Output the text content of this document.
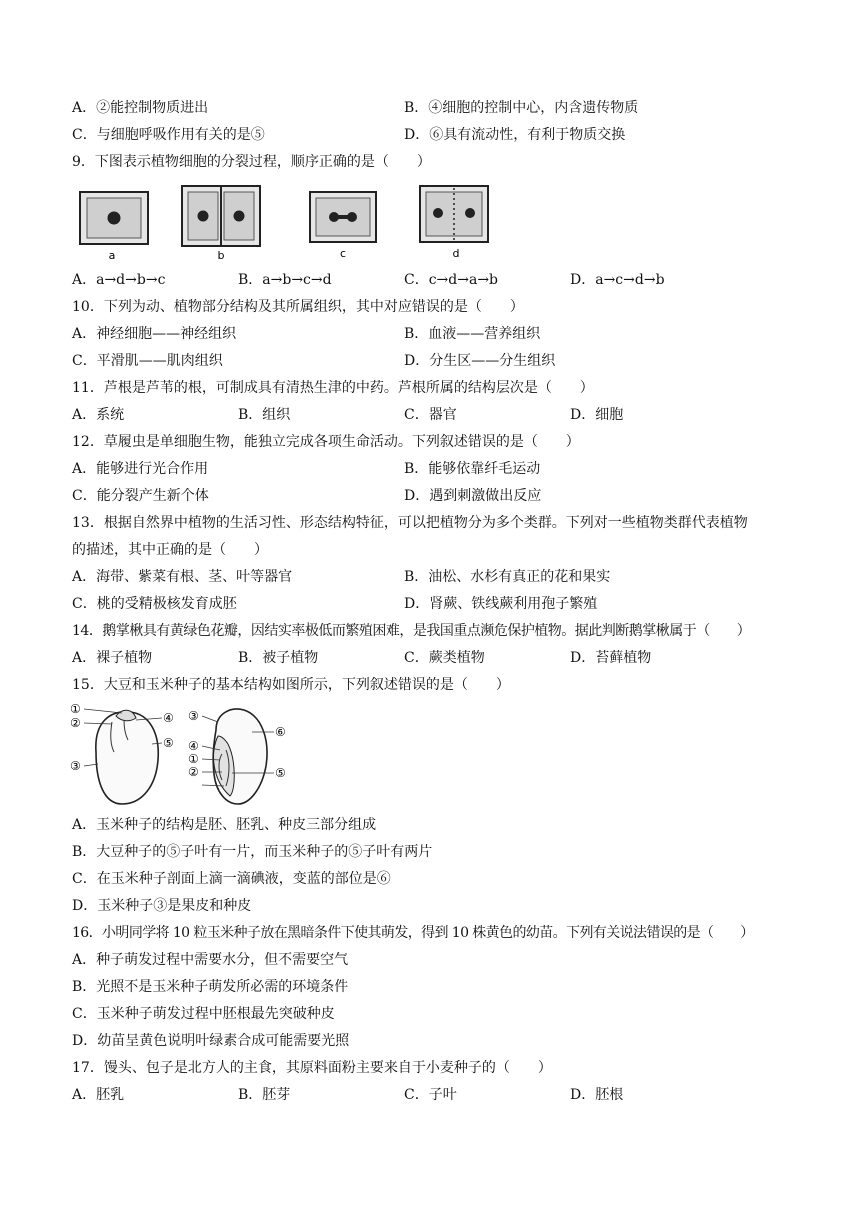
A．②能控制物质进出	B．④细胞的控制中心，内含遗传物质
C．与细胞呼吸作用有关的是⑤	D．⑥具有流动性，有利于物质交换
9．下图表示植物细胞的分裂过程，顺序正确的是（　　）
a	b	c	d
A．a→d→b→c	B．a→b→c→d	C．c→d→a→b	D．a→c→d→b
10．下列为动、植物部分结构及其所属组织，其中对应错误的是（　　）
A．神经细胞——神经组织	B．血液——营养组织
C．平滑肌——肌肉组织	D．分生区——分生组织
11．芦根是芦苇的根，可制成具有清热生津的中药。芦根所属的结构层次是（　　）
A．系统	B．组织	C．器官	D．细胞
12．草履虫是单细胞生物，能独立完成各项生命活动。下列叙述错误的是（　　）
A．能够进行光合作用	B．能够依靠纤毛运动
C．能分裂产生新个体	D．遇到刺激做出反应
13．根据自然界中植物的生活习性、形态结构特征，可以把植物分为多个类群。下列对一些植物类群代表植物
的描述，其中正确的是（　　）
A．海带、紫菜有根、茎、叶等器官	B．油松、水杉有真正的花和果实
C．桃的受精极核发育成胚	D．肾蕨、铁线蕨利用孢子繁殖
14．鹅掌楸具有黄绿色花瓣，因结实率极低而繁殖困难，是我国重点濒危保护植物。据此判断鹅掌楸属于（　　）
A．裸子植物	B．被子植物	C．蕨类植物	D．苔藓植物
15．大豆和玉米种子的基本结构如图所示，下列叙述错误的是（　　）
①
②
③
④
⑤
③
④
①
②
⑥
⑤
A．玉米种子的结构是胚、胚乳、种皮三部分组成
B．大豆种子的⑤子叶有一片，而玉米种子的⑤子叶有两片
C．在玉米种子剖面上滴一滴碘液，变蓝的部位是⑥
D．玉米种子③是果皮和种皮
16．小明同学将 10 粒玉米种子放在黑暗条件下使其萌发，得到 10 株黄色的幼苗。下列有关说法错误的是（　　）
A．种子萌发过程中需要水分，但不需要空气
B．光照不是玉米种子萌发所必需的环境条件
C．玉米种子萌发过程中胚根最先突破种皮
D．幼苗呈黄色说明叶绿素合成可能需要光照
17．馒头、包子是北方人的主食，其原料面粉主要来自于小麦种子的（　　）
A．胚乳	B．胚芽	C．子叶	D．胚根
